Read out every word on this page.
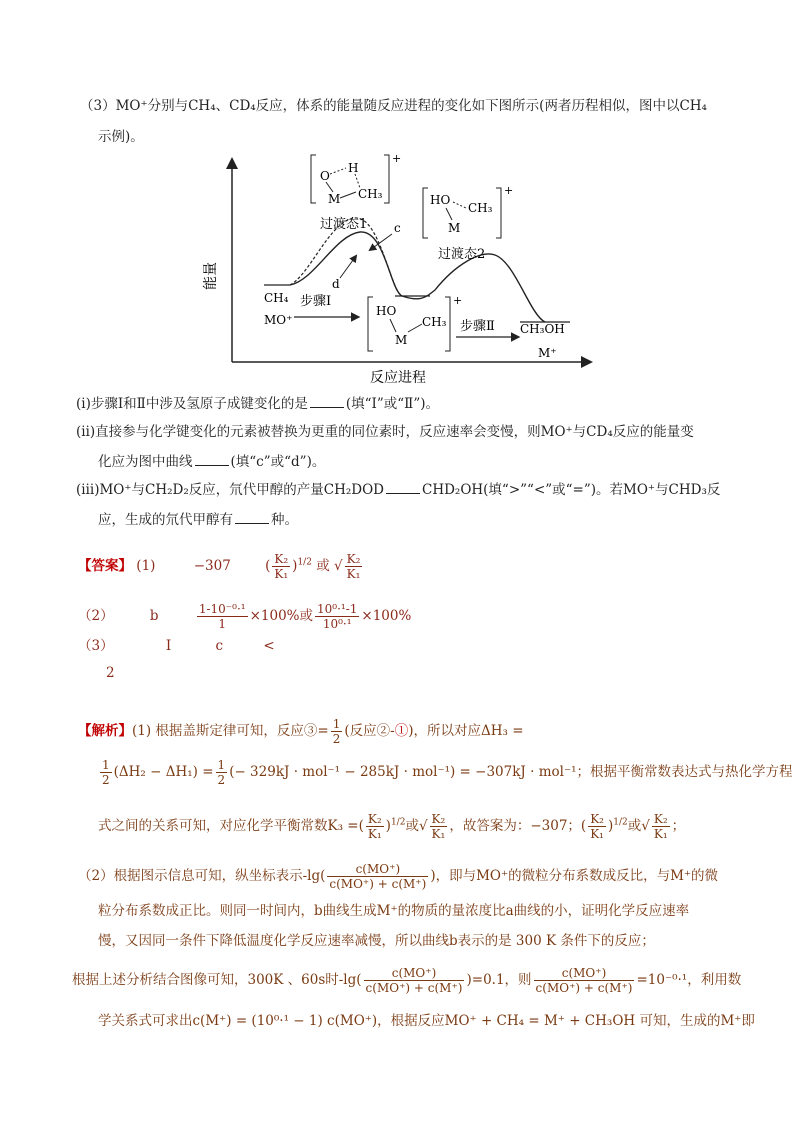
（3）MO⁺分别与CH₄、CD₄反应，体系的能量随反应进程的变化如下图所示(两者历程相似，图中以CH₄
示例)。
能量
c
d
+
O
H
M CH₃
过渡态1
+
HO
CH₃
M
过渡态2
CH₄
MO⁺
步骤Ⅰ	+
HO
M
CH₃ 步骤Ⅱ CH₃OH
M⁺
反应进程
(ⅰ)步骤Ⅰ和Ⅱ中涉及氢原子成键变化的是	(填“Ⅰ”或“Ⅱ”)。
(ⅱ)直接参与化学键变化的元素被替换为更重的同位素时，反应速率会变慢，则MO⁺与CD₄反应的能量变
化应为图中曲线	(填“c”或“d”)。
(ⅲ)MO⁺与CH₂D₂反应，氘代甲醇的产量CH₂DOD	CHD₂OH(填“>”“<”或“=”)。若MO⁺与CHD₃反
应，生成的氘代甲醇有	种。
【答案】 (1)	−307	( $\frac{\text{K₂}}{\text{K₁}} )^{1/2}$ 或 √ $\frac{\text{K₂}}{\text{K₁}}$
（2）	b	$\frac{\text{1-10⁻⁰·¹}}{1} \times 100\%$或 $\frac{\text{10⁰·¹-1}}{\text{10⁰·¹}} \times 100\%$
（3）	Ⅰ	c	<
2
【解析】(1) 根据盖斯定律可知，反应③= $\frac{1}{2}$ (反应②-①)，所以对应ΔH₃ =
$\frac{1}{2} (\Delta H_2 - \Delta H_1) = \frac{1}{2}$ (− 329kJ · mol⁻¹ − 285kJ · mol⁻¹) = −307kJ · mol⁻¹；根据平衡常数表达式与热化学方程
式之间的关系可知，对应化学平衡常数K₃ =( $\frac{\text{K₂}}{\text{K₁}} )^{1/2}$或√ $\frac{\text{K₂}}{\text{K₁}}$ ，故答案为：−307；( $\frac{\text{K₂}}{\text{K₁}} )^{1/2}$或√ $\frac{\text{K₂}}{\text{K₁}}$ ；
（2）根据图示信息可知，纵坐标表示$-\lg( \frac{c(MO^+)}{c(MO^+) + c(M^+)}$ )，即与MO⁺的微粒分布系数成反比，与M⁺的微
粒分布系数成正比。则同一时间内，b曲线生成M⁺的物质的量浓度比a曲线的小，证明化学反应速率
慢，又因同一条件下降低温度化学反应速率减慢，所以曲线b表示的是 300 K 条件下的反应；
根据上述分析结合图像可知，300K 、60s时$-\lg( \frac{c(MO^+)}{c(MO^+) + c(M^+)} )=0.1$，则 $\frac{c(MO^+)}{c(MO^+) + c(M^+)} =10^{-0}\cdot^1$，利用数
学关系式可求出c(M⁺) = (10⁰·¹ − 1) c(MO⁺)，根据反应MO⁺ + CH₄ = M⁺ + CH₃OH 可知，生成的M⁺即
